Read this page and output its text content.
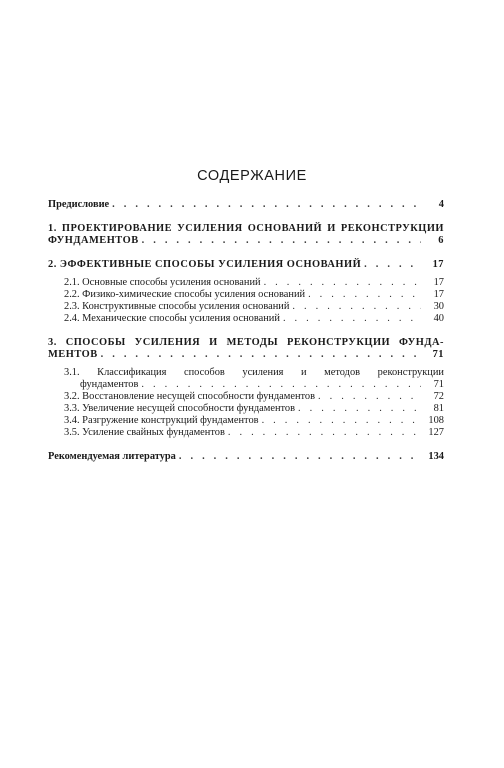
СОДЕРЖАНИЕ
Предисловие . . .	4
1. ПРОЕКТИРОВАНИЕ УСИЛЕНИЯ ОСНОВАНИЙ И РЕКОНСТРУКЦИИ
ФУНДАМЕНТОВ . . .	6
2. ЭФФЕКТИВНЫЕ СПОСОБЫ УСИЛЕНИЯ ОСНОВАНИЙ . . .	17
2.1. Основные способы усиления оснований . . .	17
2.2. Физико-химические способы усиления оснований . . .	17
2.3. Конструктивные способы усиления оснований . . .	30
2.4. Механические способы усиления оснований . . .	40
3. СПОСОБЫ УСИЛЕНИЯ И МЕТОДЫ РЕКОНСТРУКЦИИ ФУНДА-
МЕНТОВ . . .	71
3.1. Классификация способов усиления и методов реконструкции
фундаментов . . .	71
3.2. Восстановление несущей способности фундаментов . . .	72
3.3. Увеличение несущей способности фундаментов . . .	81
3.4. Разгружение конструкций фундаментов . . .	108
3.5. Усиление свайных фундаментов . . .	127
Рекомендуемая литература . . .	134
